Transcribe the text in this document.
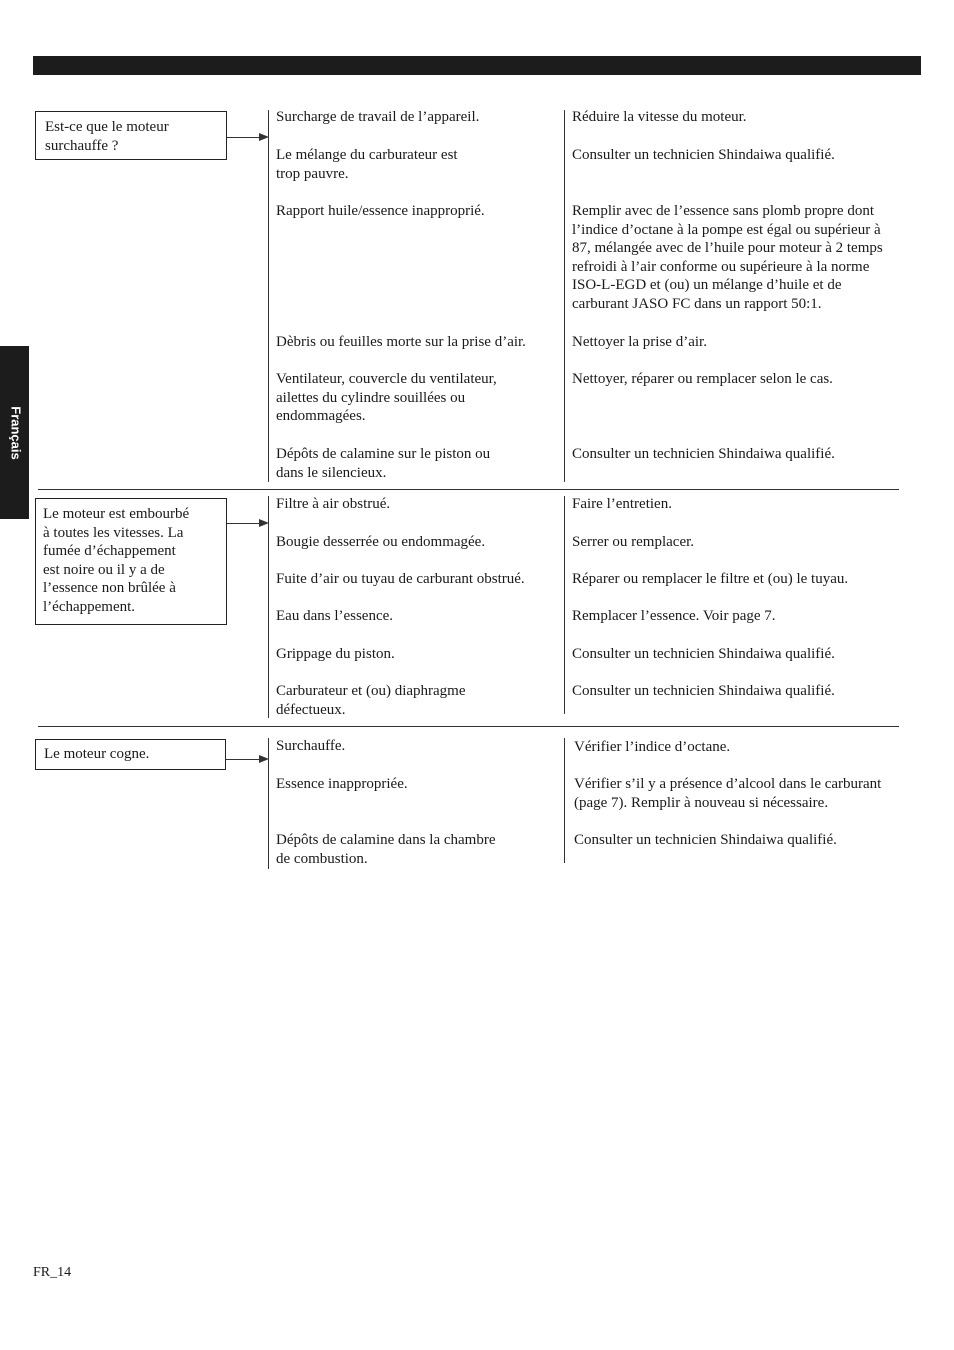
Français
Est-ce que le moteur
surchauffe ?
Surcharge de travail de l’appareil.
Le mélange du carburateur est
trop pauvre.
Rapport huile/essence inapproprié.
Dèbris ou feuilles morte sur la prise d’air.
Ventilateur, couvercle du ventilateur,
ailettes du cylindre souillées ou
endommagées.
Dépôts de calamine sur le piston ou
dans le silencieux.
Réduire la vitesse du moteur.
Consulter un technicien Shindaiwa qualifié.
Remplir avec de l’essence sans plomb propre dont
l’indice d’octane à la pompe est égal ou supérieur à
87, mélangée avec de l’huile pour moteur à 2 temps
refroidi à l’air conforme ou supérieure à la norme
ISO-L-EGD et (ou) un mélange d’huile et de
carburant JASO FC dans un rapport 50:1.
Nettoyer la prise d’air.
Nettoyer, réparer ou remplacer selon le cas.
Consulter un technicien Shindaiwa qualifié.
Le moteur est embourbé
à toutes les vitesses. La
fumée d’échappement
est noire ou il y a de
l’essence non brûlée à
l’échappement.
Filtre à air obstrué.
Bougie desserrée ou endommagée.
Fuite d’air ou tuyau de carburant obstrué.
Eau dans l’essence.
Grippage du piston.
Carburateur et (ou) diaphragme
défectueux.
Faire l’entretien.
Serrer ou remplacer.
Réparer ou remplacer le filtre et (ou) le tuyau.
Remplacer l’essence. Voir page 7.
Consulter un technicien Shindaiwa qualifié.
Consulter un technicien Shindaiwa qualifié.
Le moteur cogne.	Surchauffe.
Essence inappropriée.
Dépôts de calamine dans la chambre
de combustion.
Vérifier l’indice d’octane.
Vérifier s’il y a présence d’alcool dans le carburant
(page 7). Remplir à nouveau si nécessaire.
Consulter un technicien Shindaiwa qualifié.
FR_14
